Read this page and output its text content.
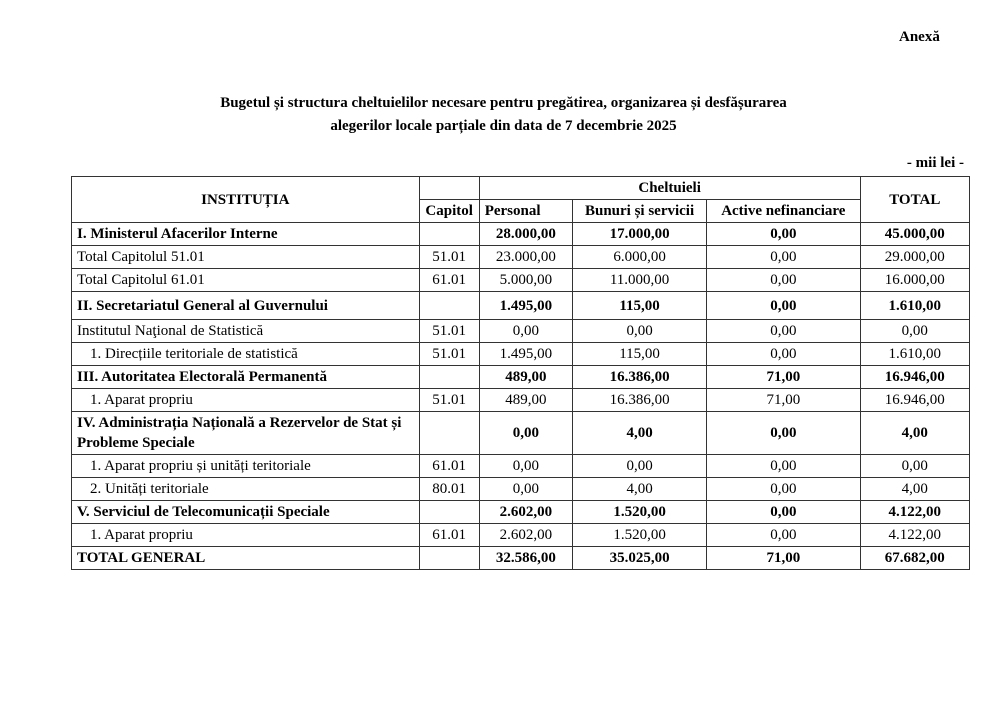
Anexă
Bugetul și structura cheltuielilor necesare pentru pregătirea, organizarea și desfășurarea
alegerilor locale parțiale din data de 7 decembrie 2025
- mii lei -
INSTITUȚIA		Cheltuieli			TOTAL
	Capitol	Personal	Bunuri și servicii	Active nefinanciare	
I. Ministerul Afacerilor Interne		28.000,00	17.000,00	0,00	45.000,00
Total Capitolul 51.01	51.01	23.000,00	6.000,00	0,00	29.000,00
Total Capitolul 61.01	61.01	5.000,00	11.000,00	0,00	16.000,00
II. Secretariatul General al Guvernului		1.495,00	115,00	0,00	1.610,00
Institutul Naţional de Statistică	51.01	0,00	0,00	0,00	0,00
1. Direcțiile teritoriale de statistică	51.01	1.495,00	115,00	0,00	1.610,00
III. Autoritatea Electorală Permanentă		489,00	16.386,00	71,00	16.946,00
1. Aparat propriu	51.01	489,00	16.386,00	71,00	16.946,00
IV. Administrația Națională a Rezervelor de Stat și Probleme Speciale		0,00	4,00	0,00	4,00
1. Aparat propriu și unități teritoriale	61.01	0,00	0,00	0,00	0,00
2. Unități teritoriale	80.01	0,00	4,00	0,00	4,00
V. Serviciul de Telecomunicații Speciale		2.602,00	1.520,00	0,00	4.122,00
1. Aparat propriu	61.01	2.602,00	1.520,00	0,00	4.122,00
TOTAL GENERAL		32.586,00	35.025,00	71,00	67.682,00
